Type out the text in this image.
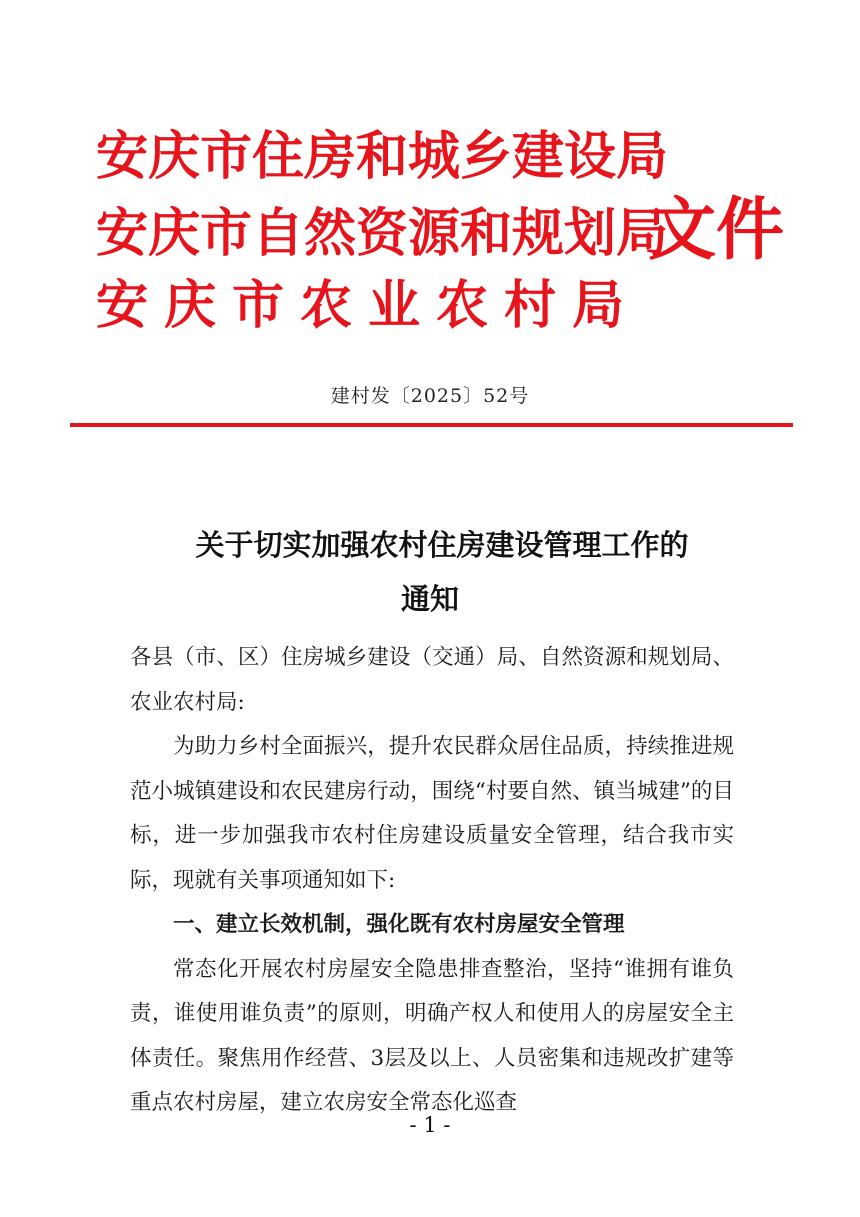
安庆市住房和城乡建设局

安庆市自然资源和规划局

安庆市农业农村局

文件
建村发〔2025〕52号
关于切实加强农村住房建设管理工作的
通知

各县（市、区）住房城乡建设（交通）局、自然资源和规划局、农业农村局:

为助力乡村全面振兴，提升农民群众居住品质，持续推进规范小城镇建设和农民建房行动，围绕“村要自然、镇当城建”的目标，进一步加强我市农村住房建设质量安全管理，结合我市实际，现就有关事项通知如下:

一、建立长效机制，强化既有农村房屋安全管理

常态化开展农村房屋安全隐患排查整治，坚持“谁拥有谁负责，谁使用谁负责”的原则，明确产权人和使用人的房屋安全主体责任。聚焦用作经营、3层及以上、人员密集和违规改扩建等重点农村房屋，建立农房安全常态化巡查

- 1 -
